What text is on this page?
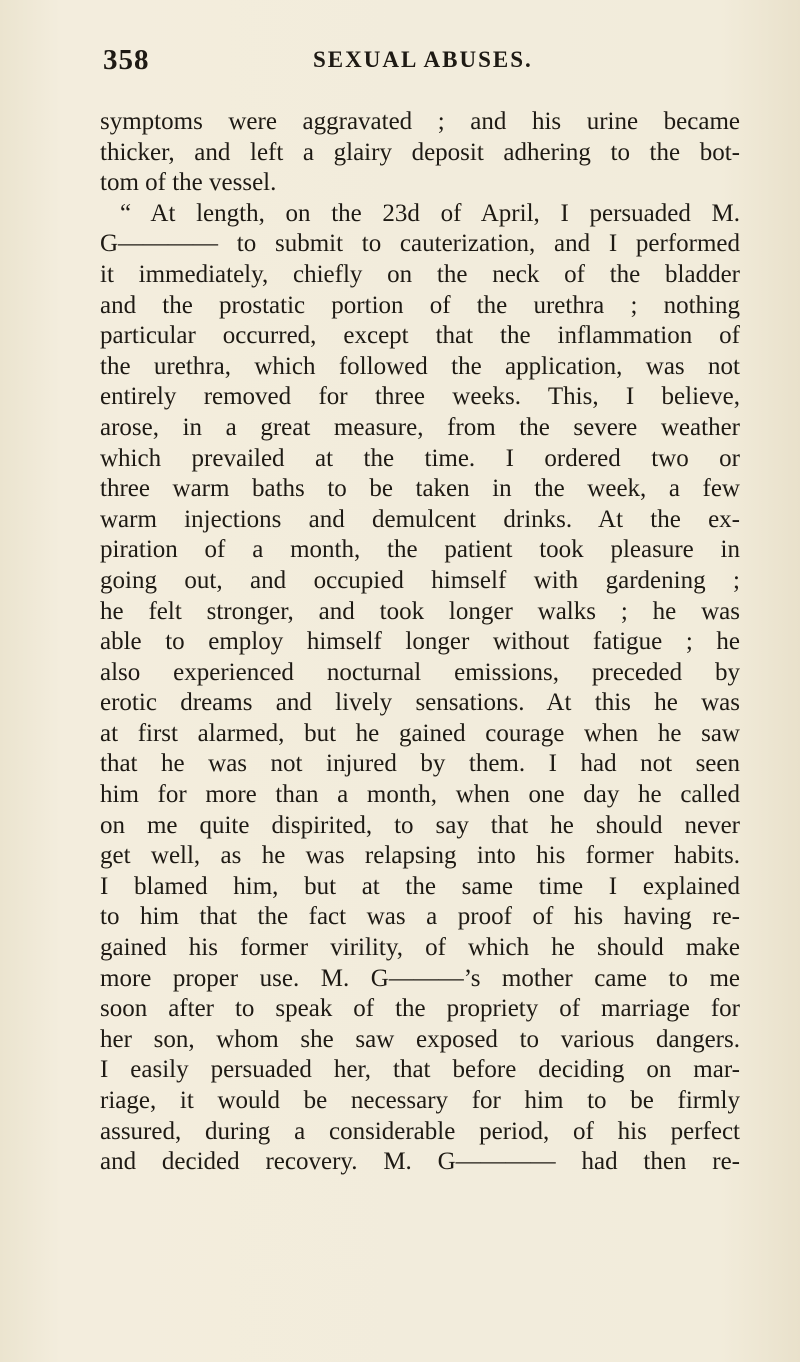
358	SEXUAL ABUSES.
symptoms were aggravated ; and his urine became
thicker, and left a glairy deposit adhering to the bot-
tom of the vessel.
“ At length, on the 23d of April, I persuaded M.
G———— to submit to cauterization, and I performed
it immediately, chiefly on the neck of the bladder
and the prostatic portion of the urethra ; nothing
particular occurred, except that the inflammation of
the urethra, which followed the application, was not
entirely removed for three weeks. This, I believe,
arose, in a great measure, from the severe weather
which prevailed at the time. I ordered two or
three warm baths to be taken in the week, a few
warm injections and demulcent drinks. At the ex-
piration of a month, the patient took pleasure in
going out, and occupied himself with gardening ;
he felt stronger, and took longer walks ; he was
able to employ himself longer without fatigue ; he
also experienced nocturnal emissions, preceded by
erotic dreams and lively sensations. At this he was
at first alarmed, but he gained courage when he saw
that he was not injured by them. I had not seen
him for more than a month, when one day he called
on me quite dispirited, to say that he should never
get well, as he was relapsing into his former habits.
I blamed him, but at the same time I explained
to him that the fact was a proof of his having re-
gained his former virility, of which he should make
more proper use. M. G———’s mother came to me
soon after to speak of the propriety of marriage for
her son, whom she saw exposed to various dangers.
I easily persuaded her, that before deciding on mar-
riage, it would be necessary for him to be firmly
assured, during a considerable period, of his perfect
and decided recovery. M. G———— had then re-
